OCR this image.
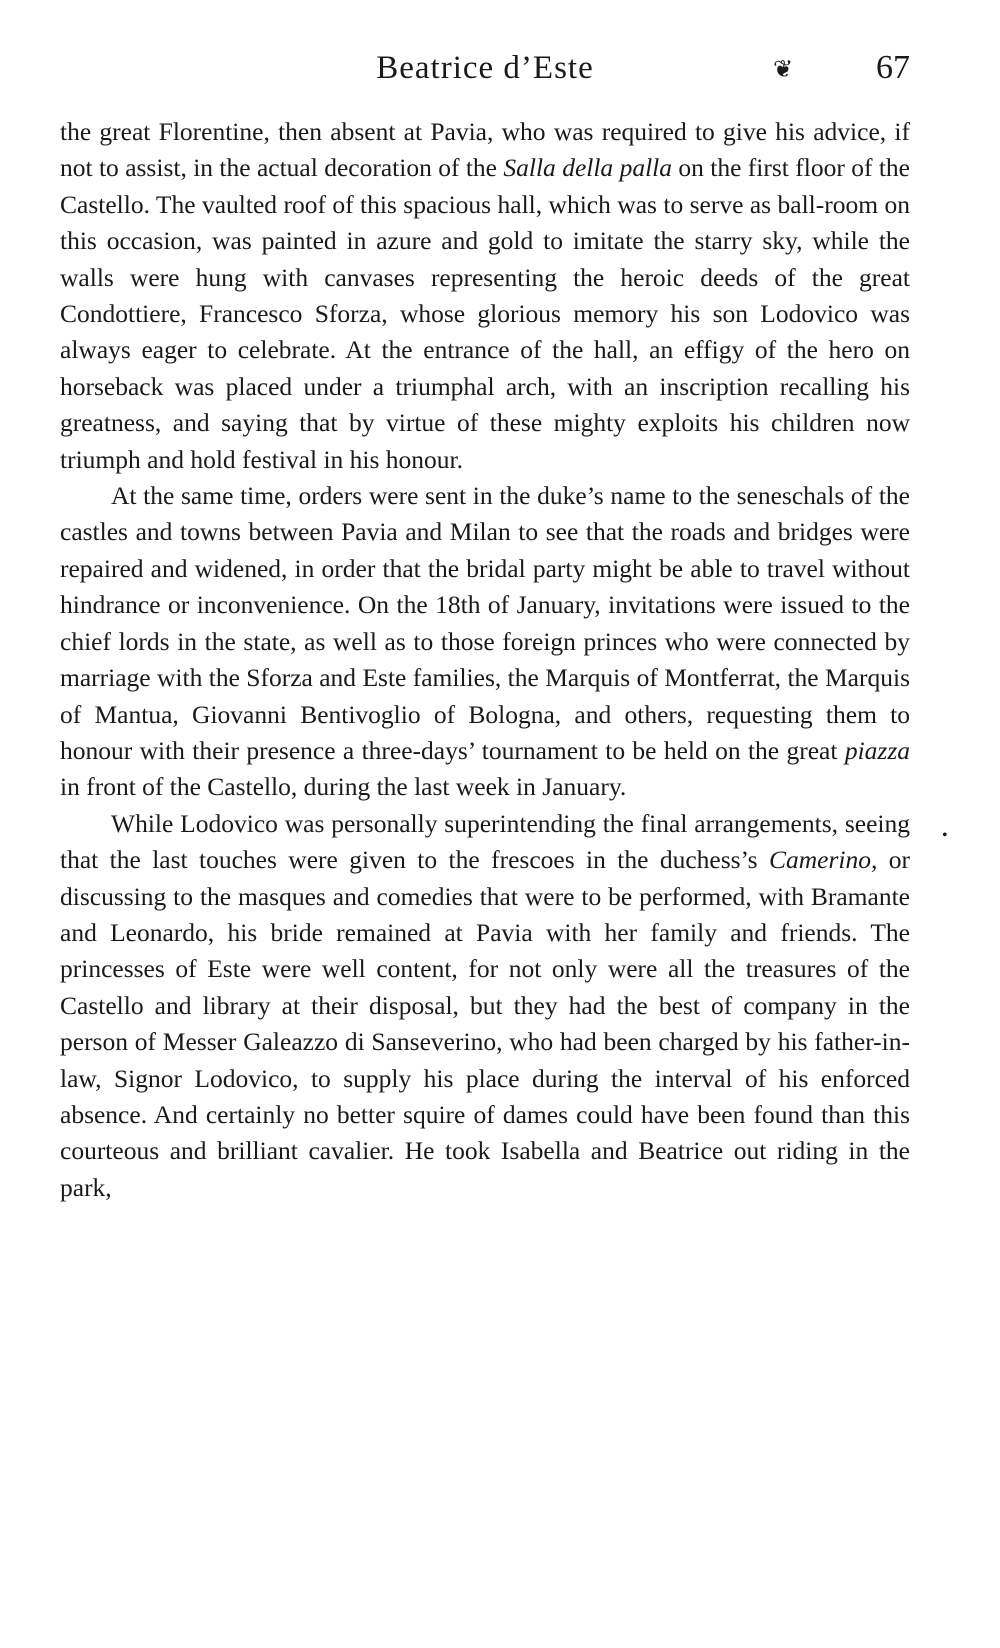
Beatrice d’Este	❦ 67

the great Florentine, then absent at Pavia, who was required to give his advice, if not to assist, in the actual decoration of the Salla della palla on the first floor of the Castello. The vaulted roof of this spacious hall, which was to serve as ball-room on this occasion, was painted in azure and gold to imitate the starry sky, while the walls were hung with canvases representing the heroic deeds of the great Condottiere, Francesco Sforza, whose glorious memory his son Lodovico was always eager to celebrate. At the entrance of the hall, an effigy of the hero on horseback was placed under a triumphal arch, with an inscription recalling his greatness, and saying that by virtue of these mighty exploits his children now triumph and hold festival in his honour.

At the same time, orders were sent in the duke’s name to the seneschals of the castles and towns between Pavia and Milan to see that the roads and bridges were repaired and widened, in order that the bridal party might be able to travel without hindrance or inconvenience. On the 18th of January, invitations were issued to the chief lords in the state, as well as to those foreign princes who were connected by marriage with the Sforza and Este families, the Marquis of Montferrat, the Marquis of Mantua, Giovanni Bentivoglio of Bologna, and others, requesting them to honour with their presence a three-days’ tournament to be held on the great piazza in front of the Castello, during the last week in January.

While Lodovico was personally superintending the final arrangements, seeing that the last touches were given to the frescoes in the duchess’s Camerino, or discussing to the masques and comedies that were to be performed, with Bramante and Leonardo, his bride remained at Pavia with her family and friends. The princesses of Este were well content, for not only were all the treasures of the Castello and library at their disposal, but they had the best of company in the person of Messer Galeazzo di Sanseverino, who had been charged by his father-in-law, Signor Lodovico, to supply his place during the interval of his enforced absence. And certainly no better squire of dames could have been found than this courteous and brilliant cavalier. He took Isabella and Beatrice out riding in the park,

•
